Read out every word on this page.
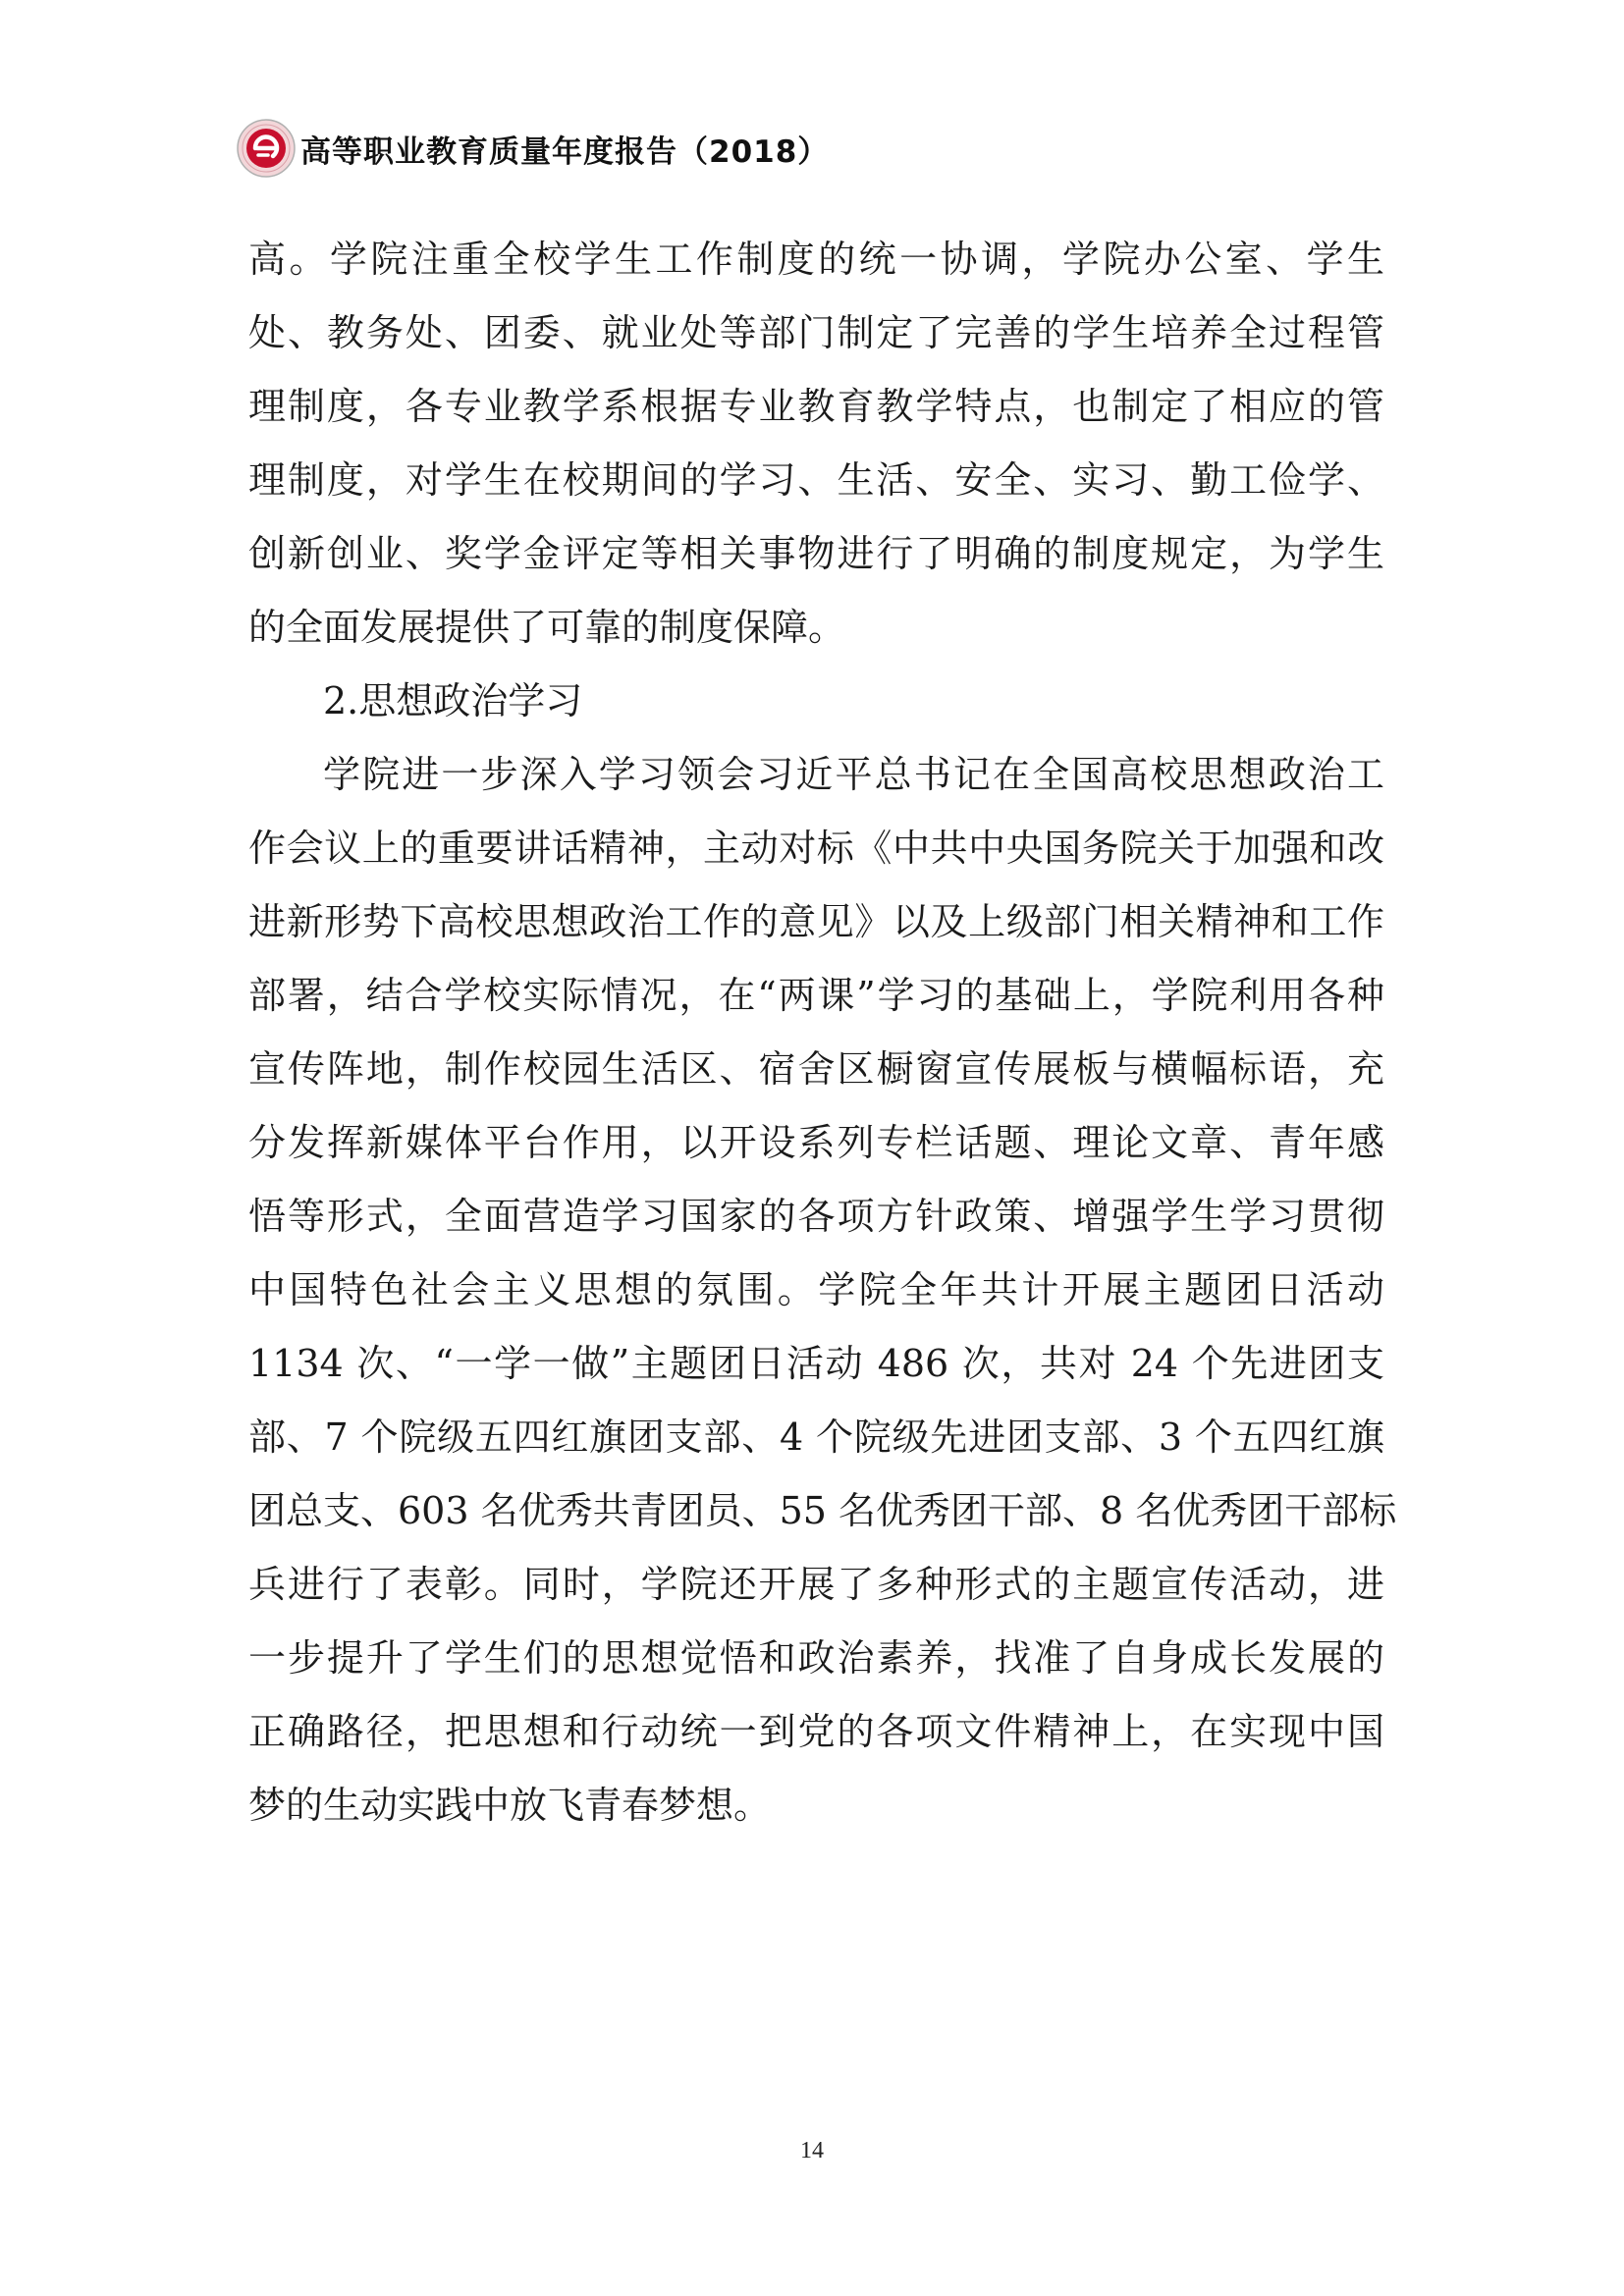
高等职业教育质量年度报告（2018）
高。学院注重全校学生工作制度的统一协调，学院办公室、学生
处、教务处、团委、就业处等部门制定了完善的学生培养全过程管
理制度，各专业教学系根据专业教育教学特点，也制定了相应的管
理制度，对学生在校期间的学习、生活、安全、实习、勤工俭学、
创新创业、奖学金评定等相关事物进行了明确的制度规定，为学生
的全面发展提供了可靠的制度保障。
2.思想政治学习
学院进一步深入学习领会习近平总书记在全国高校思想政治工
作会议上的重要讲话精神，主动对标《中共中央国务院关于加强和改
进新形势下高校思想政治工作的意见》以及上级部门相关精神和工作
部署，结合学校实际情况，在“两课”学习的基础上，学院利用各种
宣传阵地，制作校园生活区、宿舍区橱窗宣传展板与横幅标语，充
分发挥新媒体平台作用，以开设系列专栏话题、理论文章、青年感
悟等形式，全面营造学习国家的各项方针政策、增强学生学习贯彻
中国特色社会主义思想的氛围。学院全年共计开展主题团日活动
1134 次、“一学一做”主题团日活动 486 次，共对 24 个先进团支
部、7 个院级五四红旗团支部、4 个院级先进团支部、3 个五四红旗
团总支、603 名优秀共青团员、55 名优秀团干部、8 名优秀团干部标
兵进行了表彰。同时，学院还开展了多种形式的主题宣传活动，进
一步提升了学生们的思想觉悟和政治素养，找准了自身成长发展的
正确路径，把思想和行动统一到党的各项文件精神上，在实现中国
梦的生动实践中放飞青春梦想。
14
